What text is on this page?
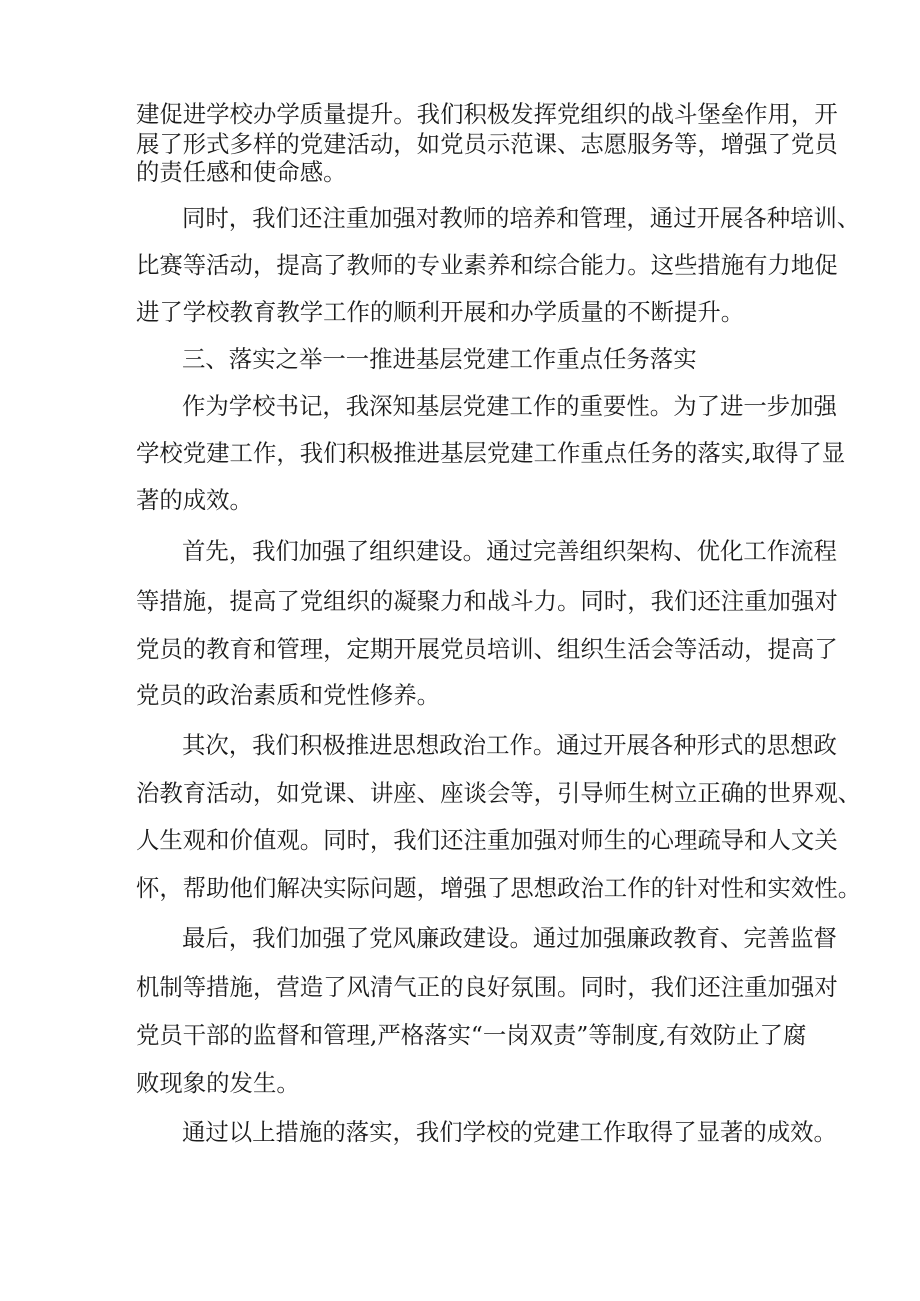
建促进学校办学质量提升。我们积极发挥党组织的战斗堡垒作用，开
展了形式多样的党建活动，如党员示范课、志愿服务等，增强了党员
的责任感和使命感。
同时，我们还注重加强对教师的培养和管理，通过开展各种培训、
比赛等活动，提高了教师的专业素养和综合能力。这些措施有力地促
进了学校教育教学工作的顺利开展和办学质量的不断提升。
三、落实之举一一推进基层党建工作重点任务落实
作为学校书记，我深知基层党建工作的重要性。为了进一步加强
学校党建工作，我们积极推进基层党建工作重点任务的落实,取得了显
著的成效。
首先，我们加强了组织建设。通过完善组织架构、优化工作流程
等措施，提高了党组织的凝聚力和战斗力。同时，我们还注重加强对
党员的教育和管理，定期开展党员培训、组织生活会等活动，提高了
党员的政治素质和党性修养。
其次，我们积极推进思想政治工作。通过开展各种形式的思想政
治教育活动，如党课、讲座、座谈会等，引导师生树立正确的世界观、
人生观和价值观。同时，我们还注重加强对师生的心理疏导和人文关
怀，帮助他们解决实际问题，增强了思想政治工作的针对性和实效性。
最后，我们加强了党风廉政建设。通过加强廉政教育、完善监督
机制等措施，营造了风清气正的良好氛围。同时，我们还注重加强对
党员干部的监督和管理,严格落实“一岗双责”等制度,有效防止了腐
败现象的发生。
通过以上措施的落实，我们学校的党建工作取得了显著的成效。
